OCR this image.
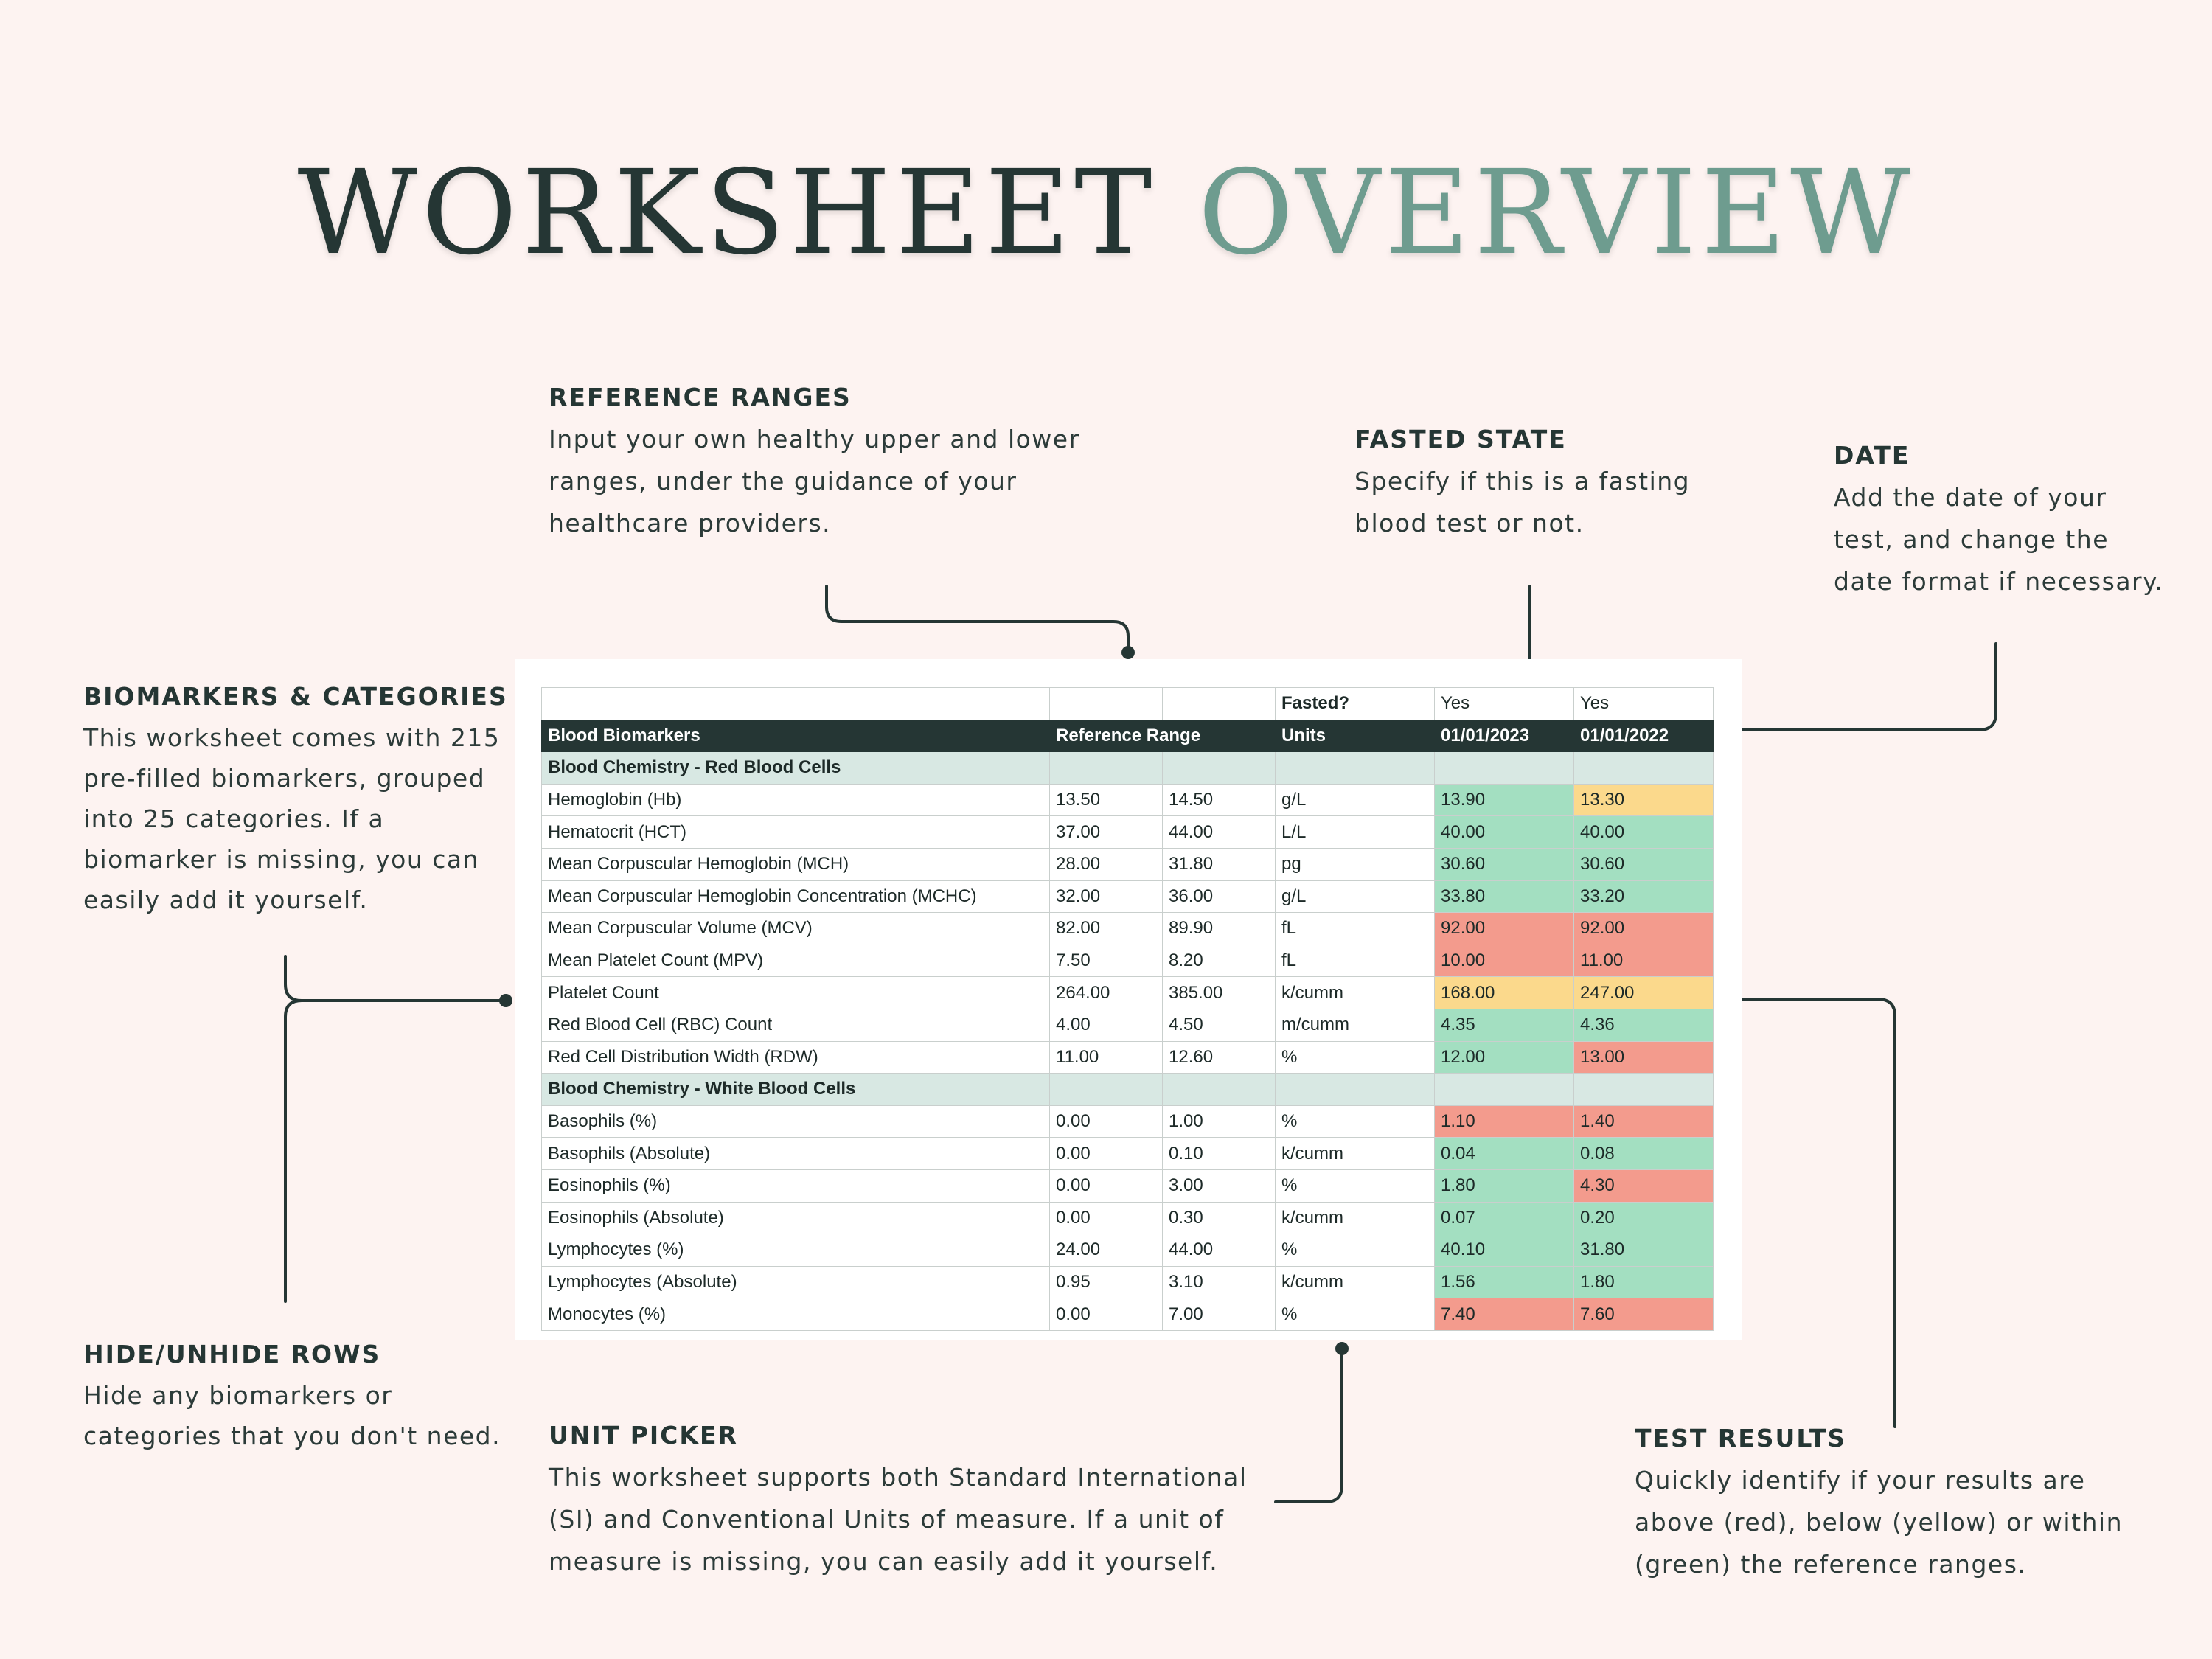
WORKSHEET OVERVIEW
REFERENCE RANGES

Input your own healthy upper and lower
ranges, under the guidance of your
healthcare providers.

FASTED STATE

Specify if this is a fasting
blood test or not.

DATE

Add the date of your
test, and change the
date format if necessary.

BIOMARKERS & CATEGORIES

This worksheet comes with 215
pre-filled biomarkers, grouped
into 25 categories. If a
biomarker is missing, you can
easily add it yourself.

HIDE/UNHIDE ROWS

Hide any biomarkers or
categories that you don't need. UNIT PICKER

This worksheet supports both Standard International
(SI) and Conventional Units of measure. If a unit of
measure is missing, you can easily add it yourself.

TEST RESULTS

Quickly identify if your results are
above (red), below (yellow) or within
(green) the reference ranges.

			Fasted?	Yes	Yes
Blood Biomarkers	Reference Range		Units	01/01/2023	01/01/2022
Blood Chemistry - Red Blood Cells					
Hemoglobin (Hb)	13.50	14.50	g/L	13.90	13.30
Hematocrit (HCT)	37.00	44.00	L/L	40.00	40.00
Mean Corpuscular Hemoglobin (MCH)	28.00	31.80	pg	30.60	30.60
Mean Corpuscular Hemoglobin Concentration (MCHC)	32.00	36.00	g/L	33.80	33.20
Mean Corpuscular Volume (MCV)	82.00	89.90	fL	92.00	92.00
Mean Platelet Count (MPV)	7.50	8.20	fL	10.00	11.00
Platelet Count	264.00	385.00	k/cumm	168.00	247.00
Red Blood Cell (RBC) Count	4.00	4.50	m/cumm	4.35	4.36
Red Cell Distribution Width (RDW)	11.00	12.60	%	12.00	13.00
Blood Chemistry - White Blood Cells					
Basophils (%)	0.00	1.00	%	1.10	1.40
Basophils (Absolute)	0.00	0.10	k/cumm	0.04	0.08
Eosinophils (%)	0.00	3.00	%	1.80	4.30
Eosinophils (Absolute)	0.00	0.30	k/cumm	0.07	0.20
Lymphocytes (%)	24.00	44.00	%	40.10	31.80
Lymphocytes (Absolute)	0.95	3.10	k/cumm	1.56	1.80
Monocytes (%)	0.00	7.00	%	7.40	7.60
